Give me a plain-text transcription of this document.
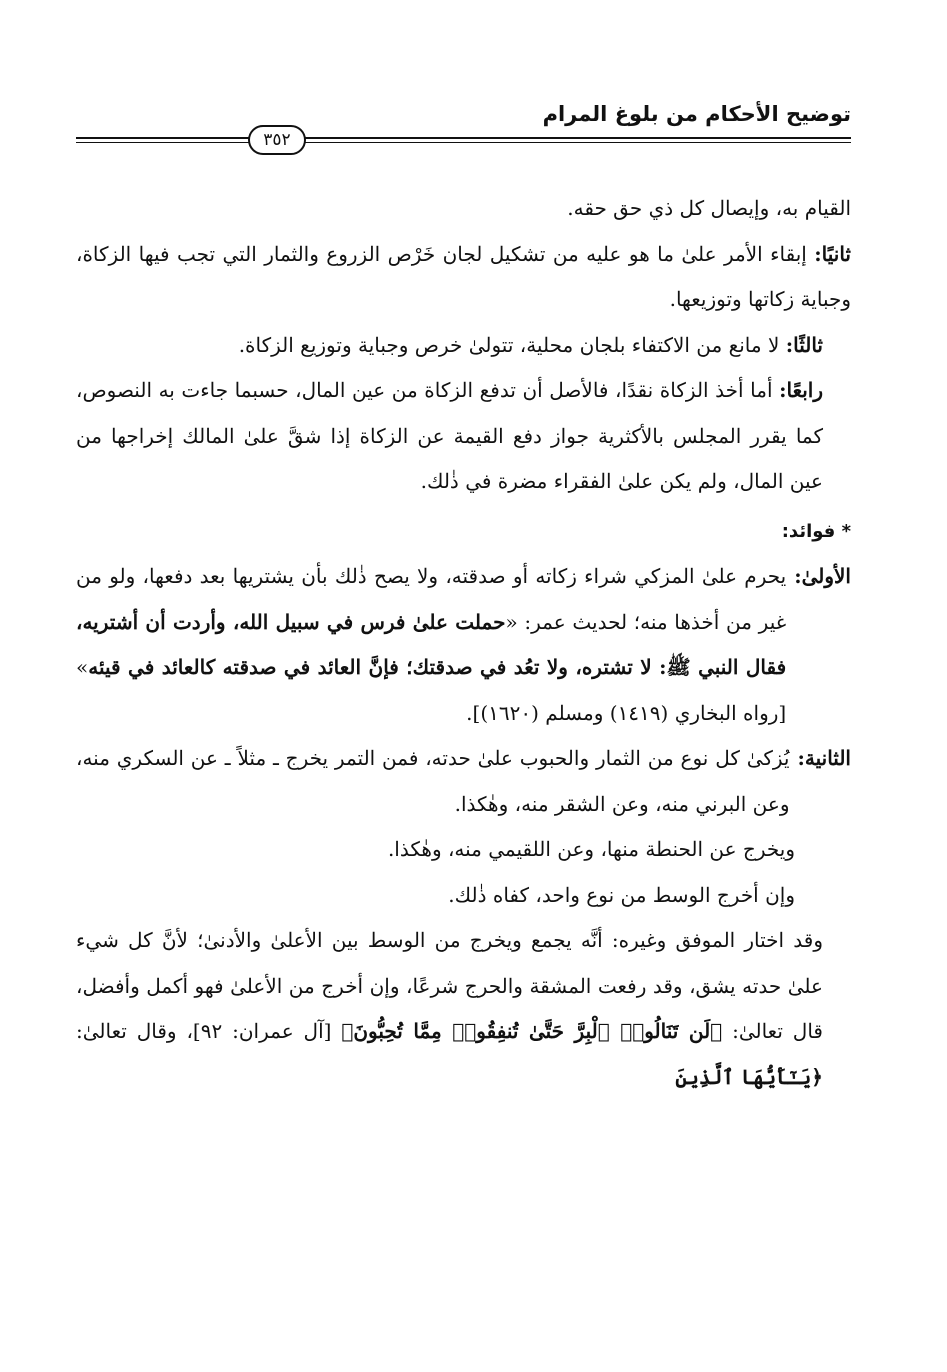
توضيح الأحكام من بلوغ المرام
٣٥٢

القيام به، وإيصال كل ذي حق حقه.

ثانيًا: إبقاء الأمر علىٰ ما هو عليه من تشكيل لجان خَرْص الزروع والثمار التي تجب فيها الزكاة، وجباية زكاتها وتوزيعها.

ثالثًا: لا مانع من الاكتفاء بلجان محلية، تتولىٰ خرص وجباية وتوزيع الزكاة.

رابعًا: أما أخذ الزكاة نقدًا، فالأصل أن تدفع الزكاة من عين المال، حسبما جاءت به النصوص، كما يقرر المجلس بالأكثرية جواز دفع القيمة عن الزكاة إذا شقَّ علىٰ المالك إخراجها من عين المال، ولم يكن علىٰ الفقراء مضرة في ذٰلك.

* فوائد:
الأولىٰ:
يحرم علىٰ المزكي شراء زكاته أو صدقته، ولا يصح ذٰلك بأن يشتريها بعد دفعها، ولو من غير من أخذها منه؛ لحديث عمر: «حملت علىٰ فرس في سبيل الله، وأردت أن أشتريه، فقال النبي ﷺ: لا تشتره، ولا تعُد في صدقتك؛ فإنَّ العائد في صدقته كالعائد في قيئه» [رواه البخاري (١٤١٩) ومسلم (١٦٢٠)].
الثانية:
يُزكىٰ كل نوع من الثمار والحبوب علىٰ حدته، فمن التمر يخرج ـ مثلاً ـ عن السكري منه، وعن البرني منه، وعن الشقر منه، وهٰكذا.

ويخرج عن الحنطة منها، وعن اللقيمي منه، وهٰكذا.

وإن أخرج الوسط من نوع واحد، كفاه ذٰلك.

وقد اختار الموفق وغيره: أنَّه يجمع ويخرج من الوسط بين الأعلىٰ والأدنىٰ؛ لأنَّ كل شيء علىٰ حدته يشق، وقد رفعت المشقة والحرج شرعًا، وإن أخرج من الأعلىٰ فهو أكمل وأفضل، قال تعالىٰ: ﴿لَن تَنَالُوا۟ ٱلْبِرَّ حَتَّىٰ تُنفِقُوا۟ مِمَّا تُحِبُّونَ﴾ [آل عمران: ٩٢]، وقال تعالىٰ: ﴿يَـٰٓأَيُّهَا ٱلَّذِينَ
